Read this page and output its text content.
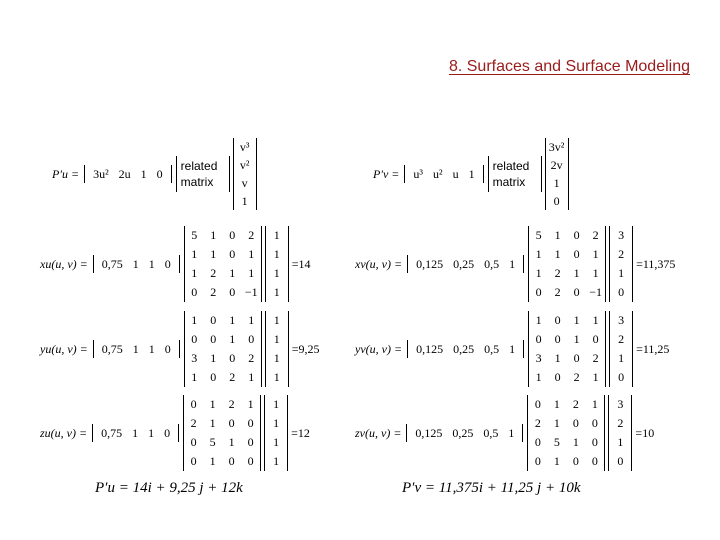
8. Surfaces and Surface Modeling
P′u = 3u² 2u 1 0
related matrix
v³
v²
v
1
P′v = u³ u² u 1
related matrix
3v²
2v
1
0
xu(u, v) = 0,75 1 1 0
5	1	0	2
1	1	0	1
1	2	1	1
0	2	0 −1
1
1
1
1
=14
yu(u, v) = 0,75 1 1 0
1	0	1	1
0	0	1	0
3	1	0	2
1	0	2	1
1
1
1
1
=9,25
zu(u, v) = 0,75 1 1 0
0	1	2	1
2	1	0	0
0	5	1	0
0	1	0	0
1
1
1
1
=12
xv(u, v) = 0,125 0,25 0,5 1
5	1	0	2
1	1	0	1
1	2	1	1
0	2	0 −1
3
2
1
0
=11,375
yv(u, v) = 0,125 0,25 0,5 1
1	0	1	1
0	0	1	0
3	1	0	2
1	0	2	1
3
2
1
0
=11,25
zv(u, v) = 0,125 0,25 0,5 1
0	1	2	1
2	1	0	0
0	5	1	0
0	1	0	0
3
2
1
0
=10
P′u = 14i + 9,25 j + 12k	P′v = 11,375i + 11,25 j + 10k
